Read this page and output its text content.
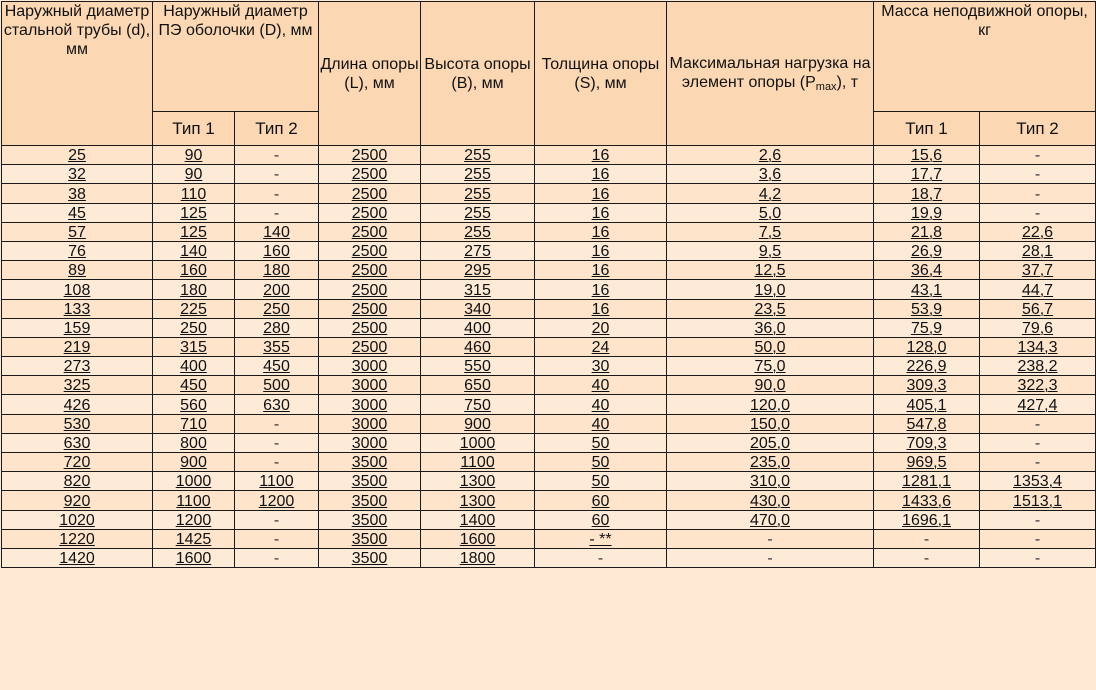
Наружный диаметр стальной трубы (d), мм	Наружный диаметр ПЭ оболочки (D), мм		Длина опоры (L), мм	Высота опоры (B), мм	Толщина опоры (S), мм	Максимальная нагрузка на элемент опоры (Pmax), т	Масса неподвижной опоры, кг	
	Тип 1	Тип 2					Тип 1	Тип 2
25	90	-	2500	255	16	2,6	15,6	-
32	90	-	2500	255	16	3,6	17,7	-
38	110	-	2500	255	16	4,2	18,7	-
45	125	-	2500	255	16	5,0	19,9	-
57	125	140	2500	255	16	7,5	21,8	22,6
76	140	160	2500	275	16	9,5	26,9	28,1
89	160	180	2500	295	16	12,5	36,4	37,7
108	180	200	2500	315	16	19,0	43,1	44,7
133	225	250	2500	340	16	23,5	53,9	56,7
159	250	280	2500	400	20	36,0	75,9	79,6
219	315	355	2500	460	24	50,0	128,0	134,3
273	400	450	3000	550	30	75,0	226,9	238,2
325	450	500	3000	650	40	90,0	309,3	322,3
426	560	630	3000	750	40	120,0	405,1	427,4
530	710	-	3000	900	40	150,0	547,8	-
630	800	-	3000	1000	50	205,0	709,3	-
720	900	-	3500	1100	50	235,0	969,5	-
820	1000	1100	3500	1300	50	310,0	1281,1	1353,4
920	1100	1200	3500	1300	60	430,0	1433,6	1513,1
1020	1200	-	3500	1400	60	470,0	1696,1	-
1220	1425	-	3500	1600	- **	-	-	-
1420	1600	-	3500	1800	-	-	-	-
